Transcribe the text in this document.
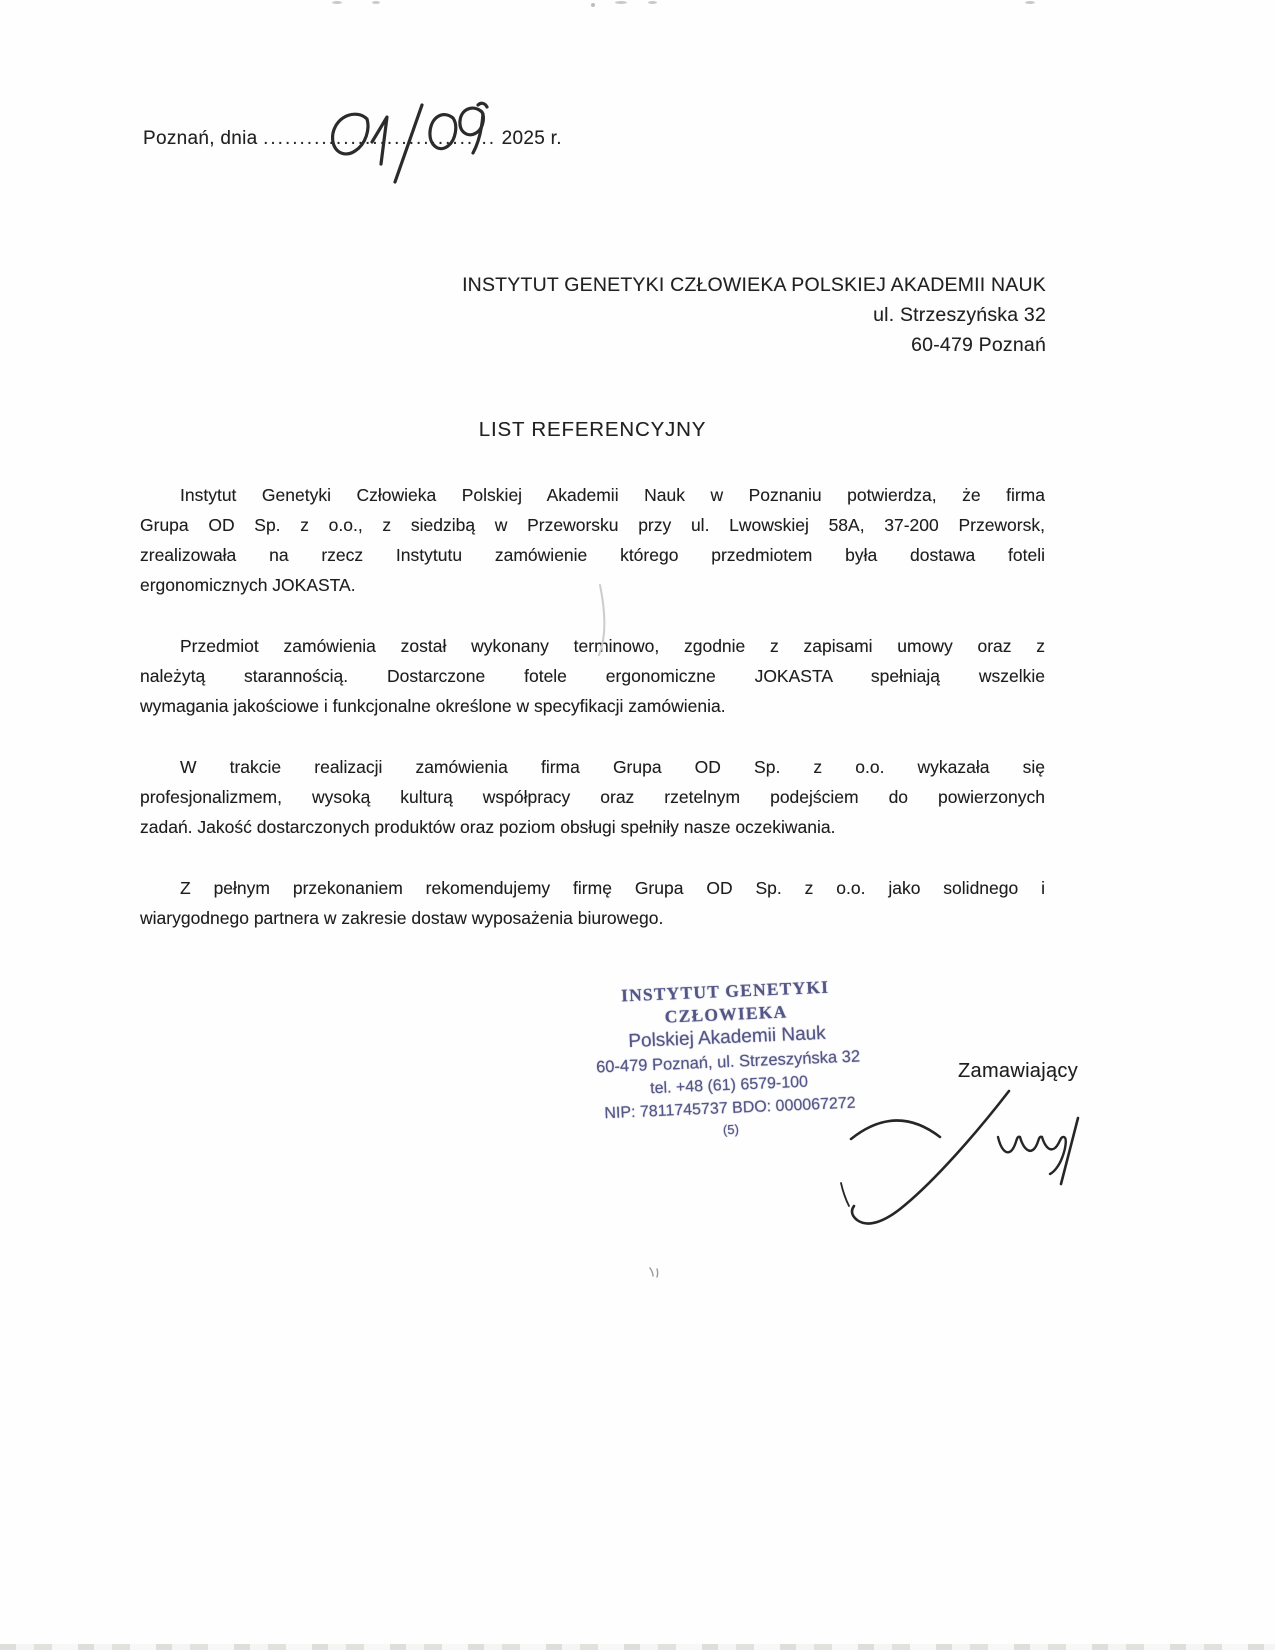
Poznań, dnia ................................ 2025 r.
INSTYTUT GENETYKI CZŁOWIEKA POLSKIEJ AKADEMII NAUK
ul. Strzeszyńska 32
60-479 Poznań
LIST REFERENCYJNY

Instytut Genetyki Człowieka Polskiej Akademii Nauk w Poznaniu potwierdza, że firma
Grupa OD Sp. z o.o., z siedzibą w Przeworsku przy ul. Lwowskiej 58A, 37-200 Przeworsk,
zrealizowała na rzecz Instytutu zamówienie którego przedmiotem była dostawa foteli
ergonomicznych JOKASTA.

Przedmiot zamówienia został wykonany terminowo, zgodnie z zapisami umowy oraz z
należytą starannością. Dostarczone fotele ergonomiczne JOKASTA spełniają wszelkie
wymagania jakościowe i funkcjonalne określone w specyfikacji zamówienia.

W trakcie realizacji zamówienia firma Grupa OD Sp. z o.o. wykazała się
profesjonalizmem, wysoką kulturą współpracy oraz rzetelnym podejściem do powierzonych
zadań. Jakość dostarczonych produktów oraz poziom obsługi spełniły nasze oczekiwania.

Z pełnym przekonaniem rekomendujemy firmę Grupa OD Sp. z o.o. jako solidnego i
wiarygodnego partnera w zakresie dostaw wyposażenia biurowego.

INSTYTUT GENETYKI CZŁOWIEKA
Polskiej Akademii Nauk
60-479 Poznań, ul. Strzeszyńska 32
tel. +48 (61) 6579-100
NIP: 7811745737 BDO: 000067272
(5)
Zamawiający
